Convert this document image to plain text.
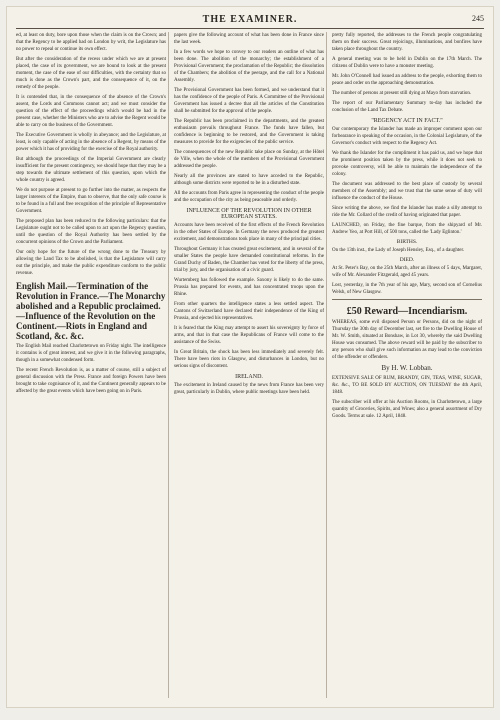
THE EXAMINER.	245

ed, at least on duty, bore upon those when the claim is on the Crown; and that the Regency to be applied had on London by writ, the Legislature has no power to repeal or continue its own effect.

But after the consideration of the recess under which we are at present placed, the case of its government, we are bound to look at the present moment, the case of the ease of our difficulties, with the certainty that so much is done as the Crown's part, and the consequence of it, on the remedy of the people.

It is contended that, in the consequence of the absence of the Crown's assent, the Lords and Commons cannot act; and we must consider the question of the effect of the proceedings which would be had in the present case, whether the Ministers who are to advise the Regent would be able to carry on the business of the Government.

The Executive Government is wholly in abeyance; and the Legislature, at least, is only capable of acting in the absence of a Regent, by means of the power which it has of providing for the exercise of the Royal authority.

But although the proceedings of the Imperial Government are clearly insufficient for the present contingency, we should hope that they may be a step towards the ultimate settlement of this question, upon which the whole country is agreed.

We do not purpose at present to go further into the matter, as respects the larger interests of the Empire, than to observe, that the only safe course is to be found in a full and free recognition of the principle of Representative Government.

The proposed plan has been reduced to the following particulars: that the Legislature ought not to be called upon to act upon the Regency question, until the question of the Royal Authority has been settled by the concurrent opinions of the Crown and the Parliament.

Our only hope for the future of the wrong done to the Treasury by allowing the Land Tax to be abolished, is that the Legislature will carry out the principle, and make the public expenditure conform to the public revenue.

English Mail.—Termination of the Revolution in France.—The Monarchy abolished and a Republic proclaimed.—Influence of the Revolution on the Continent.—Riots in England and Scotland, &c. &c.

The English Mail reached Charlottetown on Friday night. The intelligence it contains is of great interest, and we give it in the following paragraphs, though in a somewhat condensed form.

The recent French Revolution is, as a matter of course, still a subject of general discussion with the Press. France and foreign Powers have been brought to take cognisance of it, and the Continent generally appears to be affected by the great events which have been going on in Paris.

papers give the following account of what has been done in France since the last week.

In a few words we hope to convey to our readers an outline of what has been done. The abolition of the monarchy; the establishment of a Provisional Government; the proclamation of the Republic; the dissolution of the Chambers; the abolition of the peerage, and the call for a National Assembly.

The Provisional Government has been formed, and we understand that it has the confidence of the people of Paris. A Committee of the Provisional Government has issued a decree that all the articles of the Constitution shall be submitted for the approval of the people.

The Republic has been proclaimed in the departments, and the greatest enthusiasm prevails throughout France. The funds have fallen, but confidence is beginning to be restored, and the Government is taking measures to provide for the exigencies of the public service.

The consequences of the new Republic take place on Sunday, at the Hôtel de Ville, when the whole of the members of the Provisional Government addressed the people.

Nearly all the provinces are stated to have acceded to the Republic, although some districts were reported to be in a disturbed state.

All the accounts from Paris agree in representing the conduct of the people and the occupation of the city as being peaceable and orderly.

INFLUENCE OF THE REVOLUTION IN OTHER EUROPEAN STATES.

Accounts have been received of the first effects of the French Revolution in the other States of Europe. In Germany the news produced the greatest excitement, and demonstrations took place in many of the principal cities.

Throughout Germany it has created great excitement, and in several of the smaller States the people have demanded constitutional reforms. In the Grand Duchy of Baden, the Chamber has voted for the liberty of the press, trial by jury, and the organisation of a civic guard.

Wurtemberg has followed the example. Saxony is likely to do the same. Prussia has prepared for events, and has concentrated troops upon the Rhine.

From other quarters the intelligence states a less settled aspect. The Cantons of Switzerland have declared their independence of the King of Prussia, and ejected his representatives.

It is feared that the King may attempt to assert his sovereignty by force of arms, and that in that case the Republicans of France will come to the assistance of the Swiss.

In Great Britain, the shock has been less immediately and severely felt. There have been riots in Glasgow, and disturbances in London, but no serious signs of discontent.

IRELAND.

The excitement in Ireland caused by the news from France has been very great, particularly in Dublin, where public meetings have been held.

pretty fully reported, the addresses to the French people congratulating them on their success. Great rejoicings, illuminations, and bonfires have taken place throughout the country.

A general meeting was to be held in Dublin on the 17th March. The citizens of Dublin were to have a monster meeting.

Mr. John O'Connell had issued an address to the people, exhorting them to peace and order on the approaching demonstration.

The number of persons at present still dying at Mayo from starvation.

The report of our Parliamentary Summary to-day has included the conclusion of the Land Tax Debate.

"REGENCY ACT IN FACT."

Our contemporary the Islander has made an improper comment upon our forbearance in speaking of the occasion, in the Colonial Legislature, of the Governor's conduct with respect to the Regency Act.

We thank the Islander for the compliment it has paid us, and we hope that the prominent position taken by the press, while it does not seek to provoke controversy, will be able to maintain the independence of the colony.

The document was addressed to the best place of custody by several members of the Assembly; and we trust that the same sense of duty will influence the conduct of the House.

Since writing the above, we find the Islander has made a silly attempt to ride the Mr. Collard of the credit of having originated that paper.

LAUNCHED, on Friday, the fine barque, from the shipyard of Mr. Andrew Yeo, at Port Hill, of 500 tons, called the 'Lady Eglinton.'

BIRTHS.

On the 13th inst., the Lady of Joseph Hensley, Esq., of a daughter.

DIED.

At St. Peter's Bay, on the 25th March, after an illness of 5 days, Margaret, wife of Mr. Alexander Fitzgerald, aged 45 years.

Lost, yesterday, in the 7th year of his age, Mary, second son of Cornelius Welsh, of New Glasgow.

£50 Reward—Incendiarism.

WHEREAS, some evil disposed Person or Persons, did on the night of Thursday the 30th day of December last, set fire to the Dwelling House of Mr. W. Smith, situated at Bonshaw, in Lot 30, whereby the said Dwelling House was consumed. The above reward will be paid by the subscriber to any person who shall give such information as may lead to the conviction of the offender or offenders.

By H. W. Lobban.

EXTENSIVE SALE OF RUM, BRANDY, GIN, TEAS, WINE, SUGAR, &c. &c., TO BE SOLD BY AUCTION, ON TUESDAY the 4th April, 1848.

The subscriber will offer at his Auction Rooms, in Charlottetown, a large quantity of Groceries, Spirits, and Wines; also a general assortment of Dry Goods. Terms at sale. 12 April, 1848.
